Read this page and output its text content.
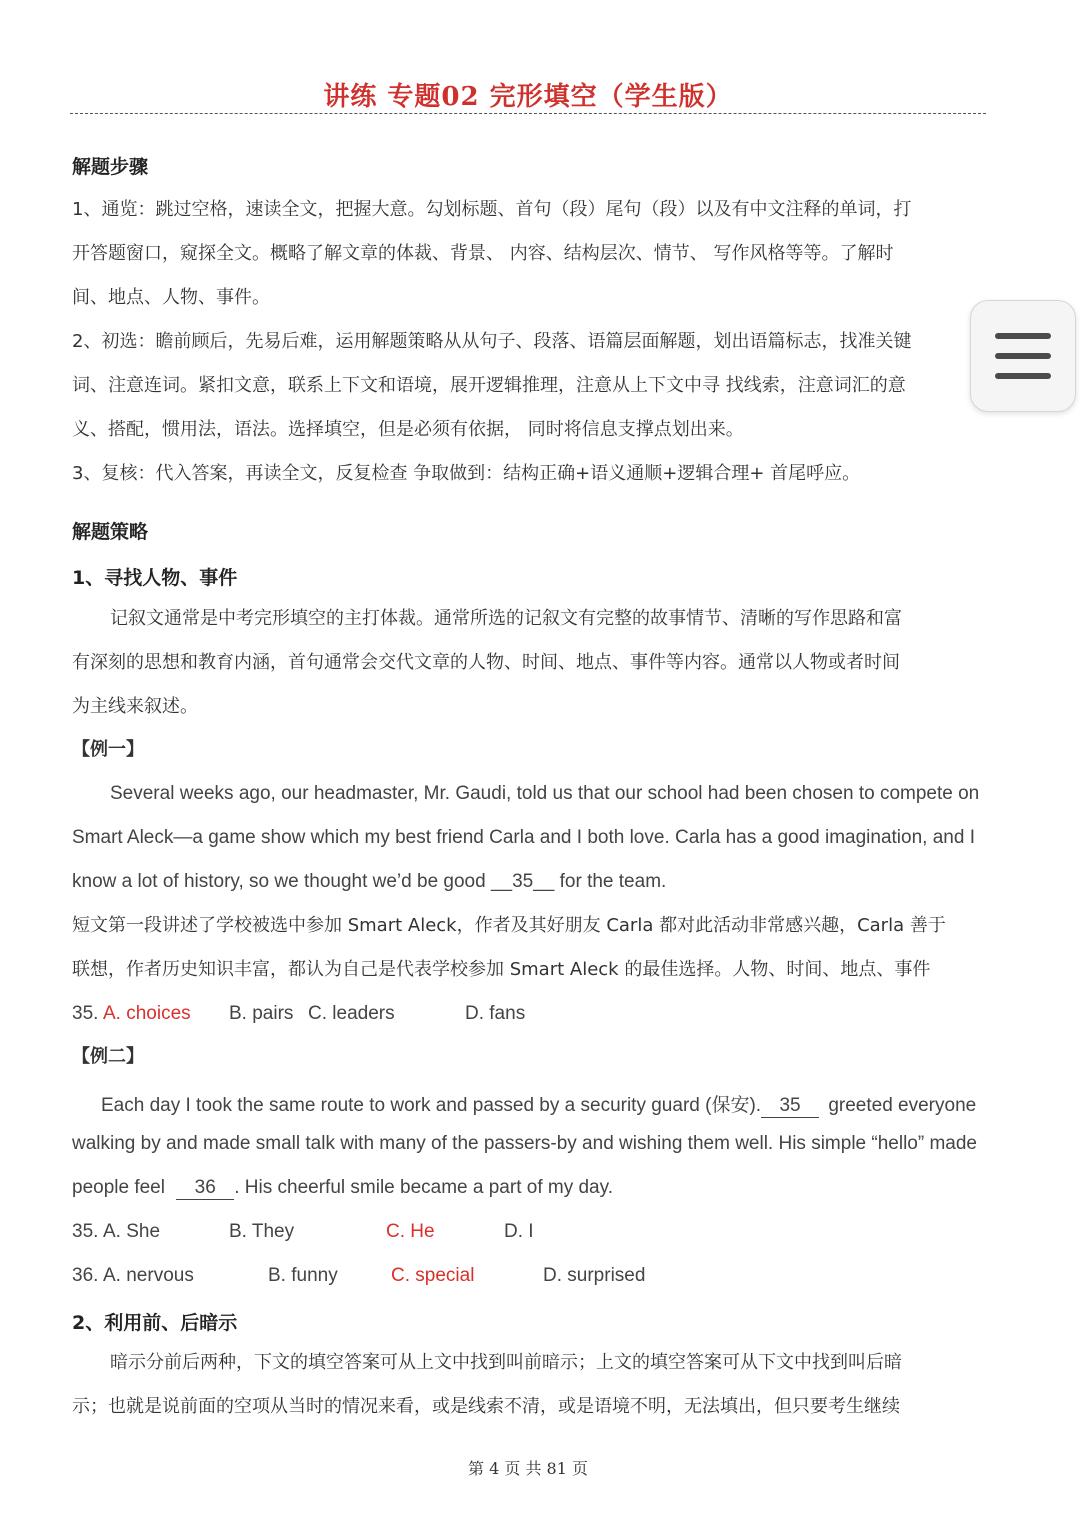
讲练 专题02 完形填空（学生版）
解题步骤
1、通览：跳过空格，速读全文，把握大意。勾划标题、首句（段）尾句（段）以及有中文注释的单词，打
开答题窗口，窥探全文。概略了解文章的体裁、背景、 内容、结构层次、情节、 写作风格等等。了解时
间、地点、人物、事件。
2、初选：瞻前顾后，先易后难，运用解题策略从从句子、段落、语篇层面解题，划出语篇标志，找准关键
词、注意连词。紧扣文意，联系上下文和语境，展开逻辑推理，注意从上下文中寻 找线索，注意词汇的意
义、搭配，惯用法，语法。选择填空，但是必须有依据， 同时将信息支撑点划出来。
3、复核：代入答案，再读全文，反复检查 争取做到：结构正确+语义通顺+逻辑合理+ 首尾呼应。
解题策略
1、寻找人物、事件
记叙文通常是中考完形填空的主打体裁。通常所选的记叙文有完整的故事情节、清晰的写作思路和富
有深刻的思想和教育内涵，首句通常会交代文章的人物、时间、地点、事件等内容。通常以人物或者时间
为主线来叙述。
【例一】
Several weeks ago, our headmaster, Mr. Gaudi, told us that our school had been chosen to compete on
Smart Aleck—a game show which my best friend Carla and I both love. Carla has a good imagination, and I
know a lot of history, so we thought we’d be good __35__ for the team.
短文第一段讲述了学校被选中参加 Smart Aleck，作者及其好朋友 Carla 都对此活动非常感兴趣，Carla 善于
联想，作者历史知识丰富，都认为自己是代表学校参加 Smart Aleck 的最佳选择。人物、时间、地点、事件
35. A. choices B. pairs C. leaders	D. fans
【例二】
Each day I took the same route to work and passed by a security guard (保安). 35 greeted everyone
walking by and made small talk with many of the passers-by and wishing them well. His simple “hello” made
people feel 36 . His cheerful smile became a part of my day.
35. A. She	B. They	C. He	D. I
36. A. nervous	B. funny	C. special	D. surprised
2、利用前、后暗示
暗示分前后两种，下文的填空答案可从上文中找到叫前暗示；上文的填空答案可从下文中找到叫后暗
示；也就是说前面的空项从当时的情况来看，或是线索不清，或是语境不明，无法填出，但只要考生继续
第 4 页 共 81 页
